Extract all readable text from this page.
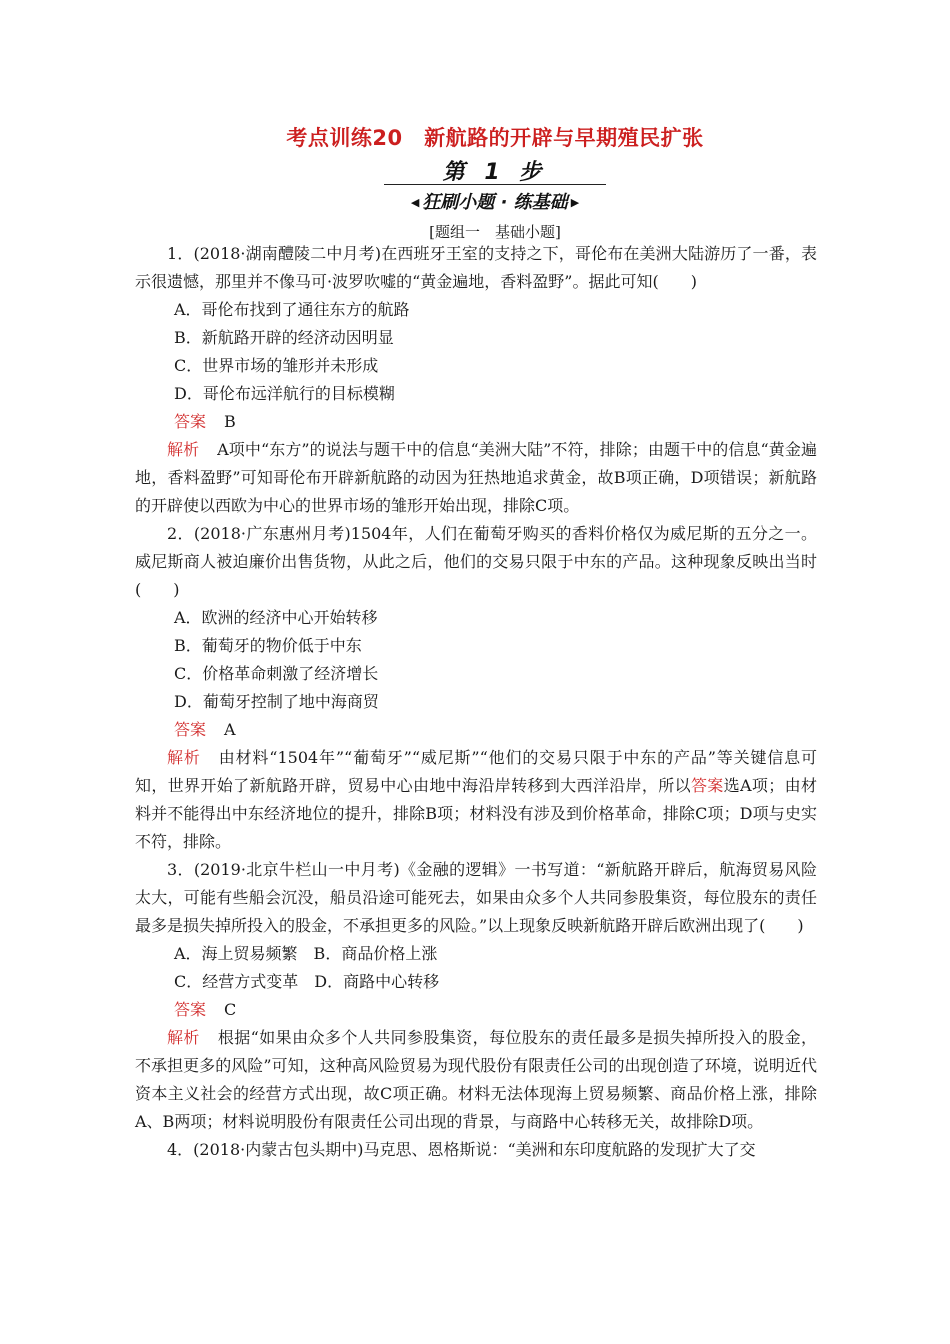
考点训练20　新航路的开辟与早期殖民扩张
第 1 步
◀ 狂刷小题 · 练基础 ▶
[题组一　基础小题]

1．(2018·湖南醴陵二中月考)在西班牙王室的支持之下，哥伦布在美洲大陆游历了一番，表示很遗憾，那里并不像马可·波罗吹嘘的“黄金遍地，香料盈野”。据此可知(　　)

A．哥伦布找到了通往东方的航路

B．新航路开辟的经济动因明显

C．世界市场的雏形并未形成

D．哥伦布远洋航行的目标模糊

答案 B

解析 A项中“东方”的说法与题干中的信息“美洲大陆”不符，排除；由题干中的信息“黄金遍地，香料盈野”可知哥伦布开辟新航路的动因为狂热地追求黄金，故B项正确，D项错误；新航路的开辟使以西欧为中心的世界市场的雏形开始出现，排除C项。

2．(2018·广东惠州月考)1504年，人们在葡萄牙购买的香料价格仅为威尼斯的五分之一。威尼斯商人被迫廉价出售货物，从此之后，他们的交易只限于中东的产品。这种现象反映出当时(　　)

A．欧洲的经济中心开始转移

B．葡萄牙的物价低于中东

C．价格革命刺激了经济增长

D．葡萄牙控制了地中海商贸

答案 A

解析 由材料“1504年”“葡萄牙”“威尼斯”“他们的交易只限于中东的产品”等关键信息可知，世界开始了新航路开辟，贸易中心由地中海沿岸转移到大西洋沿岸，所以答案选A项；由材料并不能得出中东经济地位的提升，排除B项；材料没有涉及到价格革命，排除C项；D项与史实不符，排除。

3．(2019·北京牛栏山一中月考)《金融的逻辑》一书写道：“新航路开辟后，航海贸易风险太大，可能有些船会沉没，船员沿途可能死去，如果由众多个人共同参股集资，每位股东的责任最多是损失掉所投入的股金，不承担更多的风险。”以上现象反映新航路开辟后欧洲出现了(　　)

A．海上贸易频繁　B．商品价格上涨

C．经营方式变革　D．商路中心转移

答案 C

解析 根据“如果由众多个人共同参股集资，每位股东的责任最多是损失掉所投入的股金，不承担更多的风险”可知，这种高风险贸易为现代股份有限责任公司的出现创造了环境，说明近代资本主义社会的经营方式出现，故C项正确。材料无法体现海上贸易频繁、商品价格上涨，排除A、B两项；材料说明股份有限责任公司出现的背景，与商路中心转移无关，故排除D项。

4．(2018·内蒙古包头期中)马克思、恩格斯说：“美洲和东印度航路的发现扩大了交
